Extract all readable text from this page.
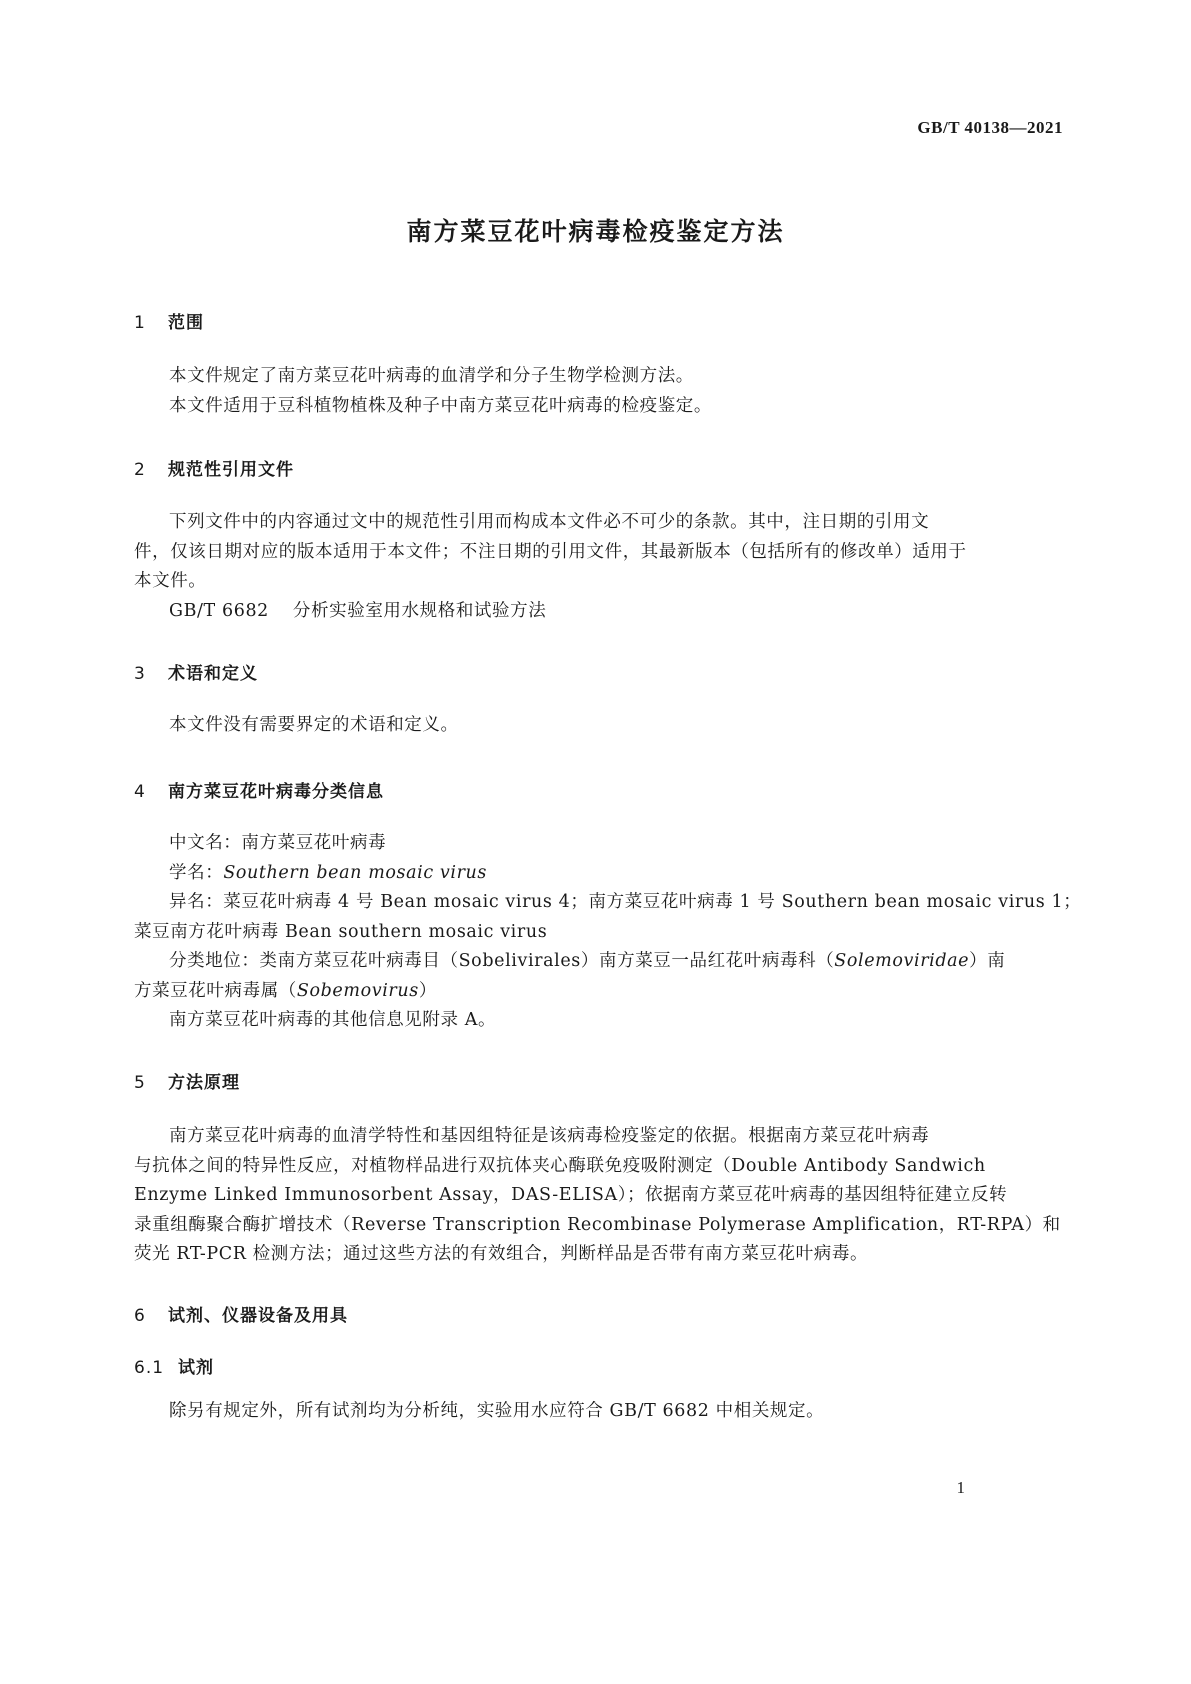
GB/T 40138—2021
南方菜豆花叶病毒检疫鉴定方法
1 范围
本文件规定了南方菜豆花叶病毒的血清学和分子生物学检测方法。
本文件适用于豆科植物植株及种子中南方菜豆花叶病毒的检疫鉴定。
2 规范性引用文件
下列文件中的内容通过文中的规范性引用而构成本文件必不可少的条款。其中，注日期的引用文
件，仅该日期对应的版本适用于本文件；不注日期的引用文件，其最新版本（包括所有的修改单）适用于
本文件。
GB/T 6682 分析实验室用水规格和试验方法
3 术语和定义
本文件没有需要界定的术语和定义。
4 南方菜豆花叶病毒分类信息
中文名：南方菜豆花叶病毒
学名：Southern bean mosaic virus
异名：菜豆花叶病毒 4 号 Bean mosaic virus 4；南方菜豆花叶病毒 1 号 Southern bean mosaic virus 1；
菜豆南方花叶病毒 Bean southern mosaic virus
分类地位：类南方菜豆花叶病毒目（Sobelivirales）南方菜豆一品红花叶病毒科（Solemoviridae）南
方菜豆花叶病毒属（Sobemovirus）
南方菜豆花叶病毒的其他信息见附录 A。
5 方法原理
南方菜豆花叶病毒的血清学特性和基因组特征是该病毒检疫鉴定的依据。根据南方菜豆花叶病毒
与抗体之间的特异性反应，对植物样品进行双抗体夹心酶联免疫吸附测定（Double Antibody Sandwich
Enzyme Linked Immunosorbent Assay，DAS-ELISA）；依据南方菜豆花叶病毒的基因组特征建立反转
录重组酶聚合酶扩增技术（Reverse Transcription Recombinase Polymerase Amplification，RT-RPA）和
荧光 RT-PCR 检测方法；通过这些方法的有效组合，判断样品是否带有南方菜豆花叶病毒。
6 试剂、仪器设备及用具
6.1 试剂
除另有规定外，所有试剂均为分析纯，实验用水应符合 GB/T 6682 中相关规定。
1
